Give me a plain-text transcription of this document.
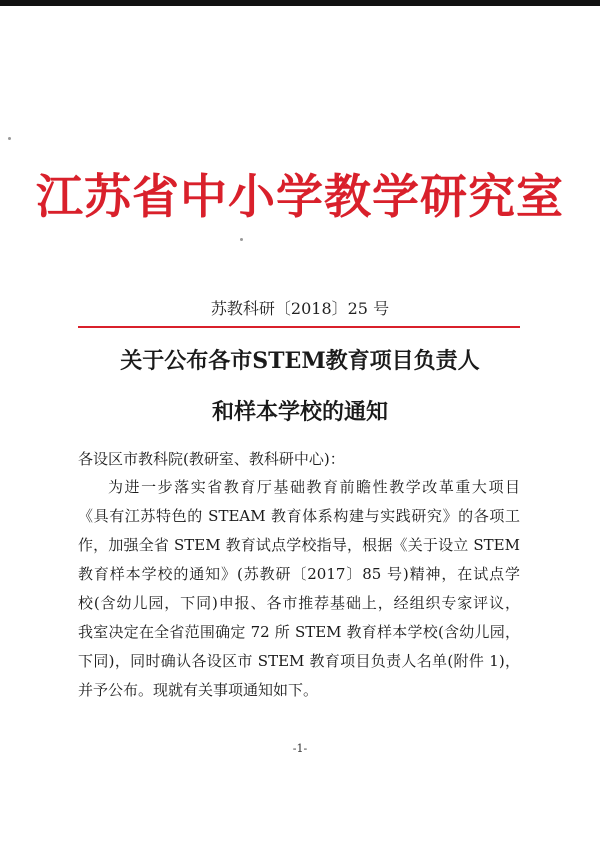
江苏省中小学教学研究室
苏教科研〔2018〕25 号
关于公布各市STEM教育项目负责人
和样本学校的通知
各设区市教科院(教研室、教科研中心)：
为进一步落实省教育厅基础教育前瞻性教学改革重大项目
《具有江苏特色的 STEAM 教育体系构建与实践研究》的各项工
作，加强全省 STEM 教育试点学校指导，根据《关于设立 STEM
教育样本学校的通知》(苏教研〔2017〕85 号)精神，在试点学
校(含幼儿园，下同)申报、各市推荐基础上，经组织专家评议，
我室决定在全省范围确定 72 所 STEM 教育样本学校(含幼儿园，
下同)，同时确认各设区市 STEM 教育项目负责人名单(附件 1)，
并予公布。现就有关事项通知如下。
-1-
